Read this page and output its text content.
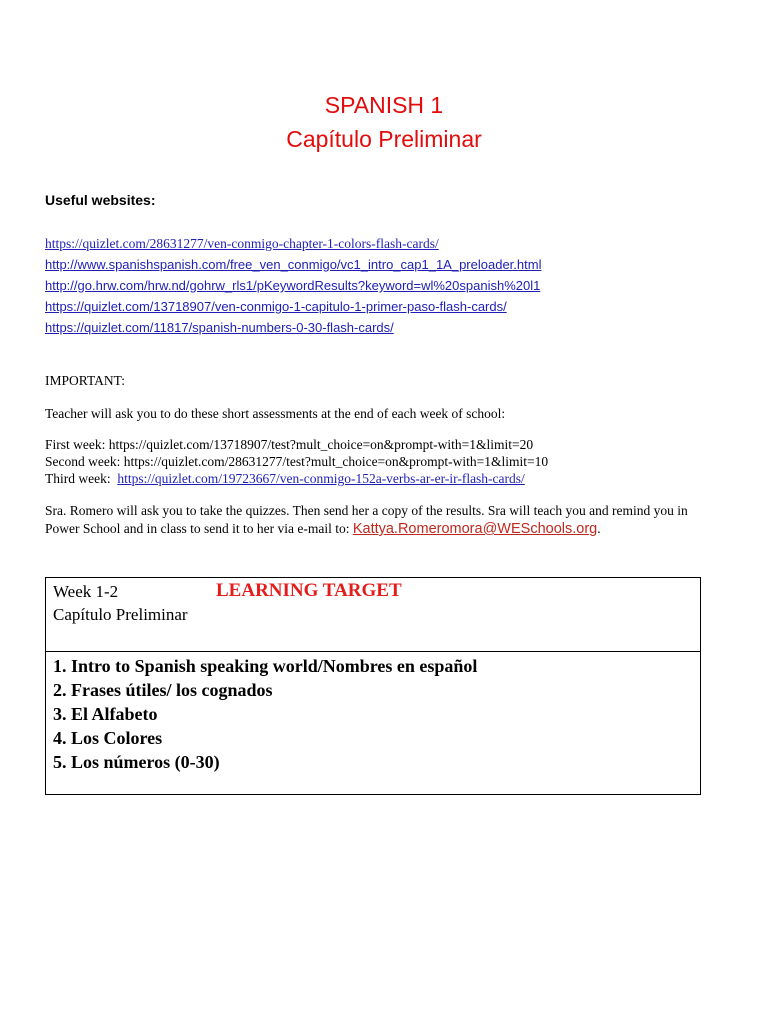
SPANISH 1
Capítulo Preliminar
Useful websites:
https://quizlet.com/28631277/ven-conmigo-chapter-1-colors-flash-cards/
http://www.spanishspanish.com/free_ven_conmigo/vc1_intro_cap1_1A_preloader.html
http://go.hrw.com/hrw.nd/gohrw_rls1/pKeywordResults?keyword=wl%20spanish%20l1
https://quizlet.com/13718907/ven-conmigo-1-capitulo-1-primer-paso-flash-cards/
https://quizlet.com/11817/spanish-numbers-0-30-flash-cards/
IMPORTANT:
Teacher will ask you to do these short assessments at the end of each week of school:
First week: https://quizlet.com/13718907/test?mult_choice=on&prompt-with=1&limit=20
Second week: https://quizlet.com/28631277/test?mult_choice=on&prompt-with=1&limit=10
Third week:  https://quizlet.com/19723667/ven-conmigo-152a-verbs-ar-er-ir-flash-cards/
Sra. Romero will ask you to take the quizzes. Then send her a copy of the results. Sra will teach you and remind you in
Power School and in class to send it to her via e-mail to: Kattya.Romeromora@WESchools.org.
Week 1-2	LEARNING TARGET
Capítulo Preliminar
1. Intro to Spanish speaking world/Nombres en español
2. Frases útiles/ los cognados
3. El Alfabeto
4. Los Colores
5. Los números (0-30)
